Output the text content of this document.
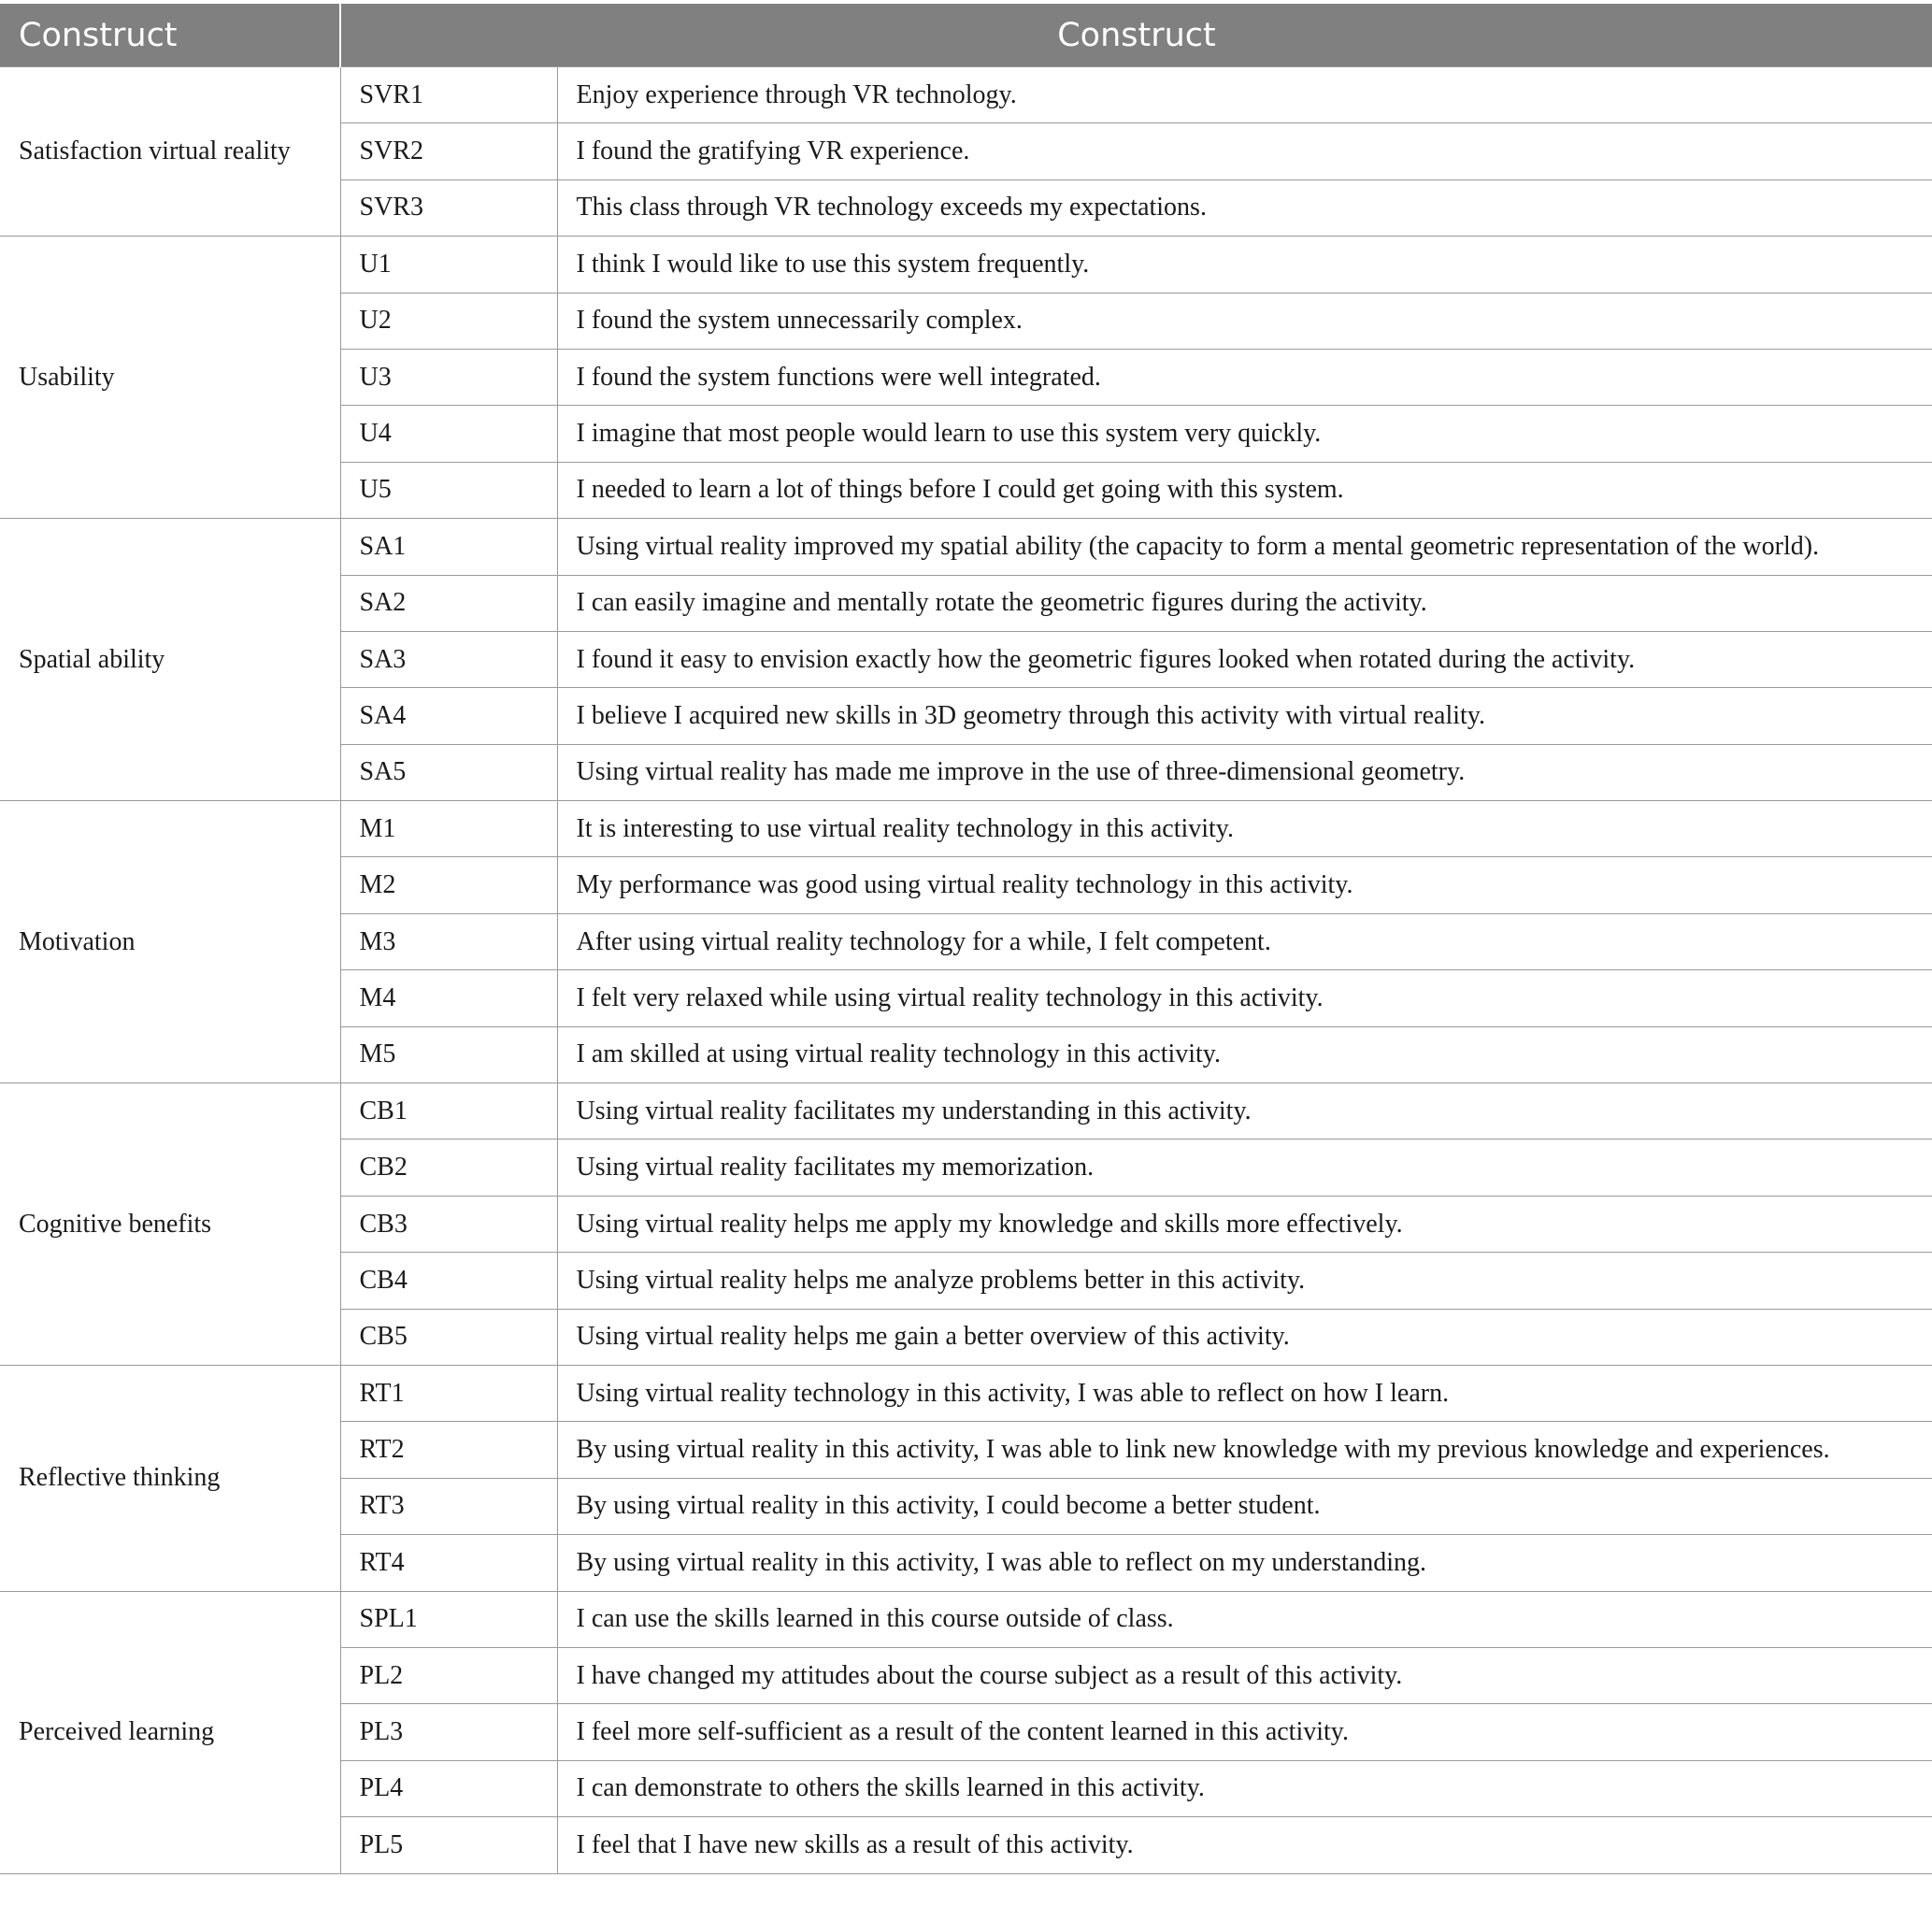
Construct	Construct	
Satisfaction virtual reality	SVR1	Enjoy experience through VR technology.
	SVR2	I found the gratifying VR experience.
	SVR3	This class through VR technology exceeds my expectations.
Usability	U1	I think I would like to use this system frequently.
	U2	I found the system unnecessarily complex.
	U3	I found the system functions were well integrated.
	U4	I imagine that most people would learn to use this system very quickly.
	U5	I needed to learn a lot of things before I could get going with this system.
Spatial ability	SA1	Using virtual reality improved my spatial ability (the capacity to form a mental geometric representation of the world).
	SA2	I can easily imagine and mentally rotate the geometric figures during the activity.
	SA3	I found it easy to envision exactly how the geometric figures looked when rotated during the activity.
	SA4	I believe I acquired new skills in 3D geometry through this activity with virtual reality.
	SA5	Using virtual reality has made me improve in the use of three-dimensional geometry.
Motivation	M1	It is interesting to use virtual reality technology in this activity.
	M2	My performance was good using virtual reality technology in this activity.
	M3	After using virtual reality technology for a while, I felt competent.
	M4	I felt very relaxed while using virtual reality technology in this activity.
	M5	I am skilled at using virtual reality technology in this activity.
Cognitive benefits	CB1	Using virtual reality facilitates my understanding in this activity.
	CB2	Using virtual reality facilitates my memorization.
	CB3	Using virtual reality helps me apply my knowledge and skills more effectively.
	CB4	Using virtual reality helps me analyze problems better in this activity.
	CB5	Using virtual reality helps me gain a better overview of this activity.
Reflective thinking	RT1	Using virtual reality technology in this activity, I was able to reflect on how I learn.
	RT2	By using virtual reality in this activity, I was able to link new knowledge with my previous knowledge and experiences.
	RT3	By using virtual reality in this activity, I could become a better student.
	RT4	By using virtual reality in this activity, I was able to reflect on my understanding.
Perceived learning	SPL1	I can use the skills learned in this course outside of class.
	PL2	I have changed my attitudes about the course subject as a result of this activity.
	PL3	I feel more self-sufficient as a result of the content learned in this activity.
	PL4	I can demonstrate to others the skills learned in this activity.
	PL5	I feel that I have new skills as a result of this activity.
